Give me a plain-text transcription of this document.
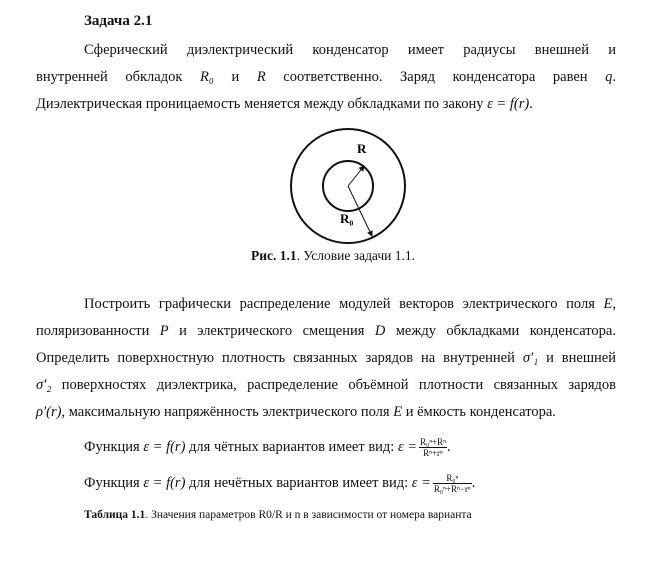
Задача 2.1
Сферический диэлектрический конденсатор имеет радиусы внешней и
внутренней обкладок R₀ и R соответственно. Заряд конденсатора равен q.
Диэлектрическая проницаемость меняется между обкладками по закону ε = f(r).
R
R₀
Рис. 1.1. Условие задачи 1.1.
Построить графически распределение модулей векторов электрического поля E,
поляризованности P и электрического смещения D между обкладками конденсатора.
Определить поверхностную плотность связанных зарядов на внутренней σ′₁ и внешней
σ′₂ поверхностях диэлектрика, распределение объёмной плотности связанных зарядов
ρ′(r), максимальную напряжённость электрического поля E и ёмкость конденсатора.
Функция ε = f(r) для чётных вариантов имеет вид: $\varepsilon = \frac{\text{R₀ⁿ+Rⁿ}}{\text{Rⁿ+rⁿ}}$ .
Функция ε = f(r) для нечётных вариантов имеет вид: $\varepsilon = \frac{\text{R₀ⁿ}}{\text{R₀ⁿ+Rⁿ−rⁿ}}$ .
Таблица 1.1. Значения параметров R0/R и n в зависимости от номера варианта
